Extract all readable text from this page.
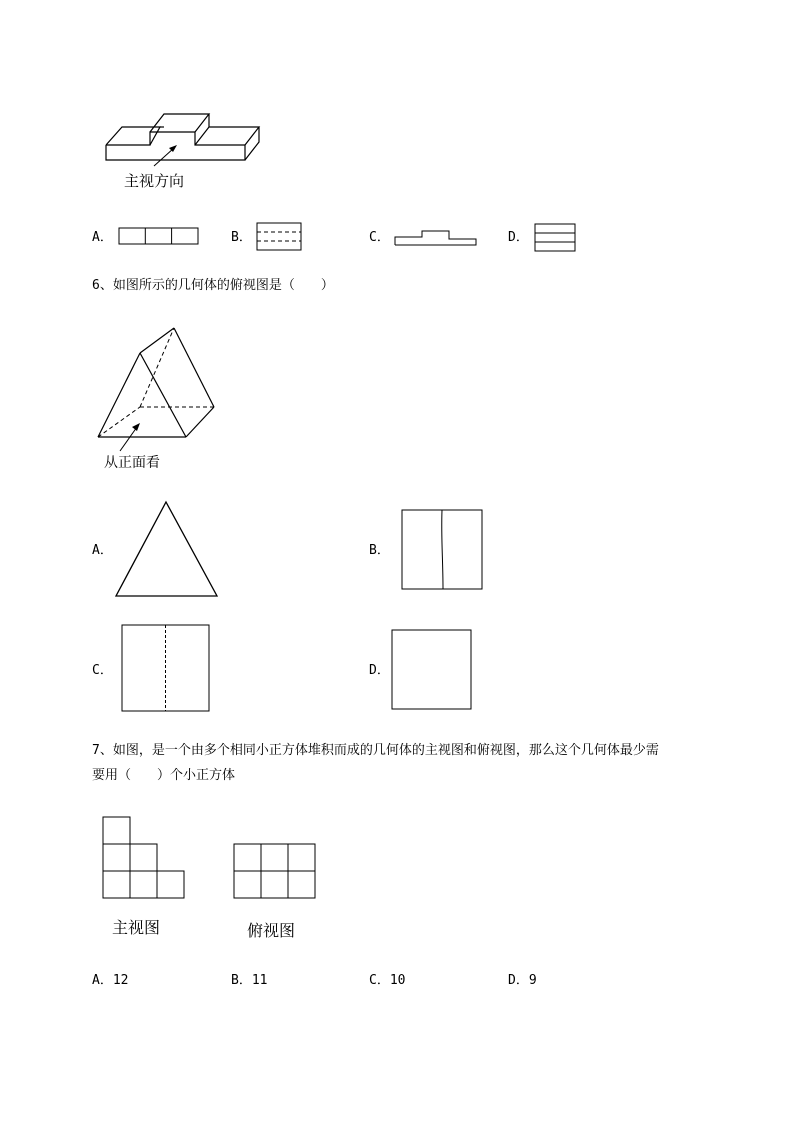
主视方向
A．	B．	C．	D．
6、如图所示的几何体的俯视图是（　　）
从正面看
A．	B．
C．	D．
7、如图，是一个由多个相同小正方体堆积而成的几何体的主视图和俯视图，那么这个几何体最少需
要用（　　）个小正方体
主视图	俯视图
A．12	B．11	C．10	D．9
